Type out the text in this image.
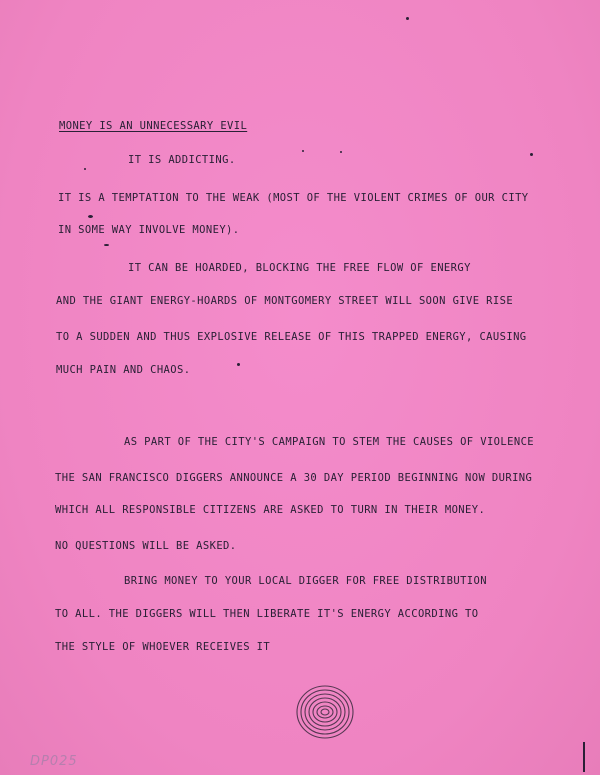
MONEY IS AN UNNECESSARY EVIL
IT IS ADDICTING.
IT IS A TEMPTATION TO THE WEAK (MOST OF THE VIOLENT CRIMES OF OUR CITY
IN SOME WAY INVOLVE MONEY).
IT CAN BE HOARDED, BLOCKING THE FREE FLOW OF ENERGY
AND THE GIANT ENERGY-HOARDS OF MONTGOMERY STREET WILL SOON GIVE RISE
TO A SUDDEN AND THUS EXPLOSIVE RELEASE OF THIS TRAPPED ENERGY, CAUSING
MUCH PAIN AND CHAOS.
AS PART OF THE CITY'S CAMPAIGN TO STEM THE CAUSES OF VIOLENCE
THE SAN FRANCISCO DIGGERS ANNOUNCE A 30 DAY PERIOD BEGINNING NOW DURING
WHICH ALL RESPONSIBLE CITIZENS ARE ASKED TO TURN IN THEIR MONEY.
NO QUESTIONS WILL BE ASKED.
BRING MONEY TO YOUR LOCAL DIGGER FOR FREE DISTRIBUTION
TO ALL. THE DIGGERS WILL THEN LIBERATE IT'S ENERGY ACCORDING TO
THE STYLE OF WHOEVER RECEIVES IT
DP025
